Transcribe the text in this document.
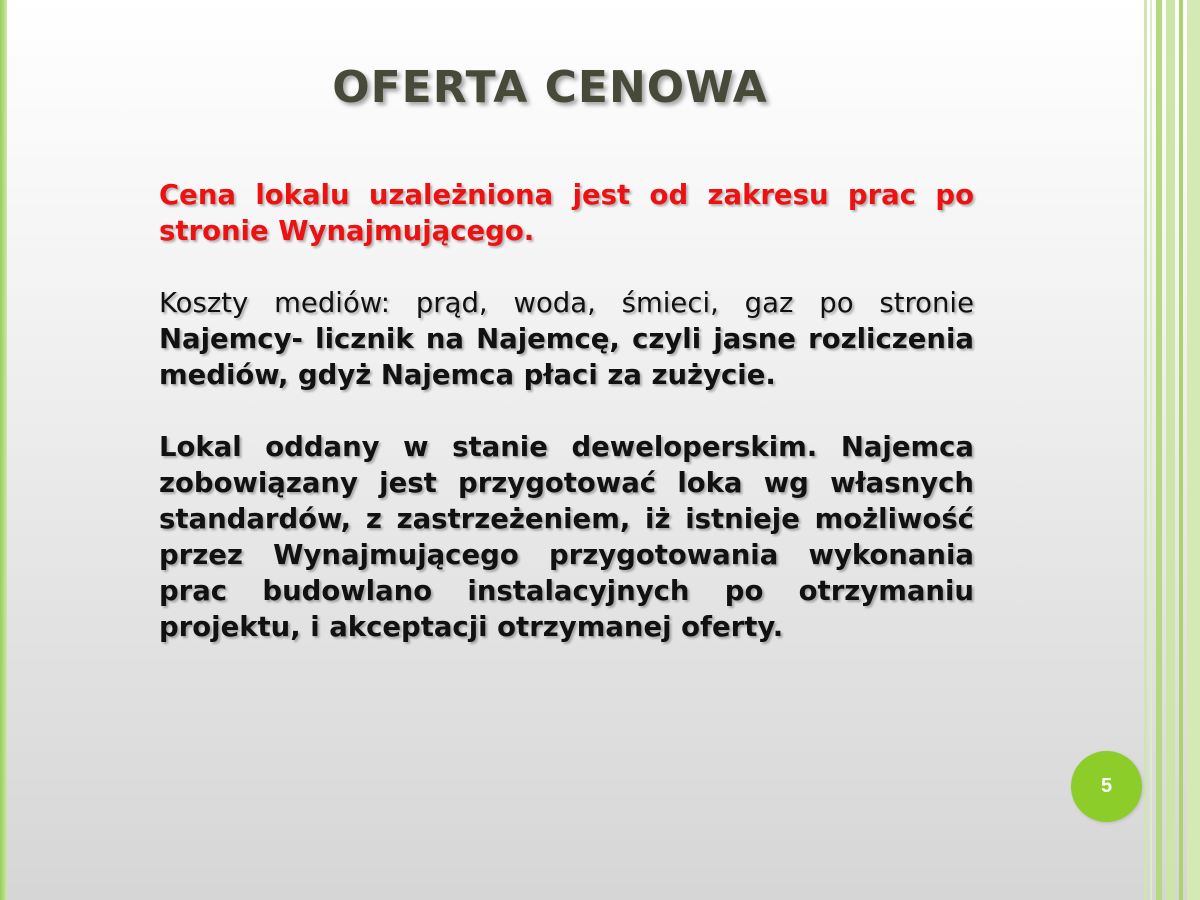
OFERTA CENOWA

Cena lokalu uzależniona jest od zakresu prac po stronie Wynajmującego.

Koszty mediów: prąd, woda, śmieci, gaz po stronie Najemcy- licznik na Najemcę, czyli jasne rozliczenia mediów, gdyż Najemca płaci za zużycie.

Lokal oddany w stanie deweloperskim. Najemca zobowiązany jest przygotować loka wg własnych standardów, z zastrzeżeniem, iż istnieje możliwość przez Wynajmującego przygotowania wykonania prac budowlano instalacyjnych po otrzymaniu projektu, i akceptacji otrzymanej oferty.

5
